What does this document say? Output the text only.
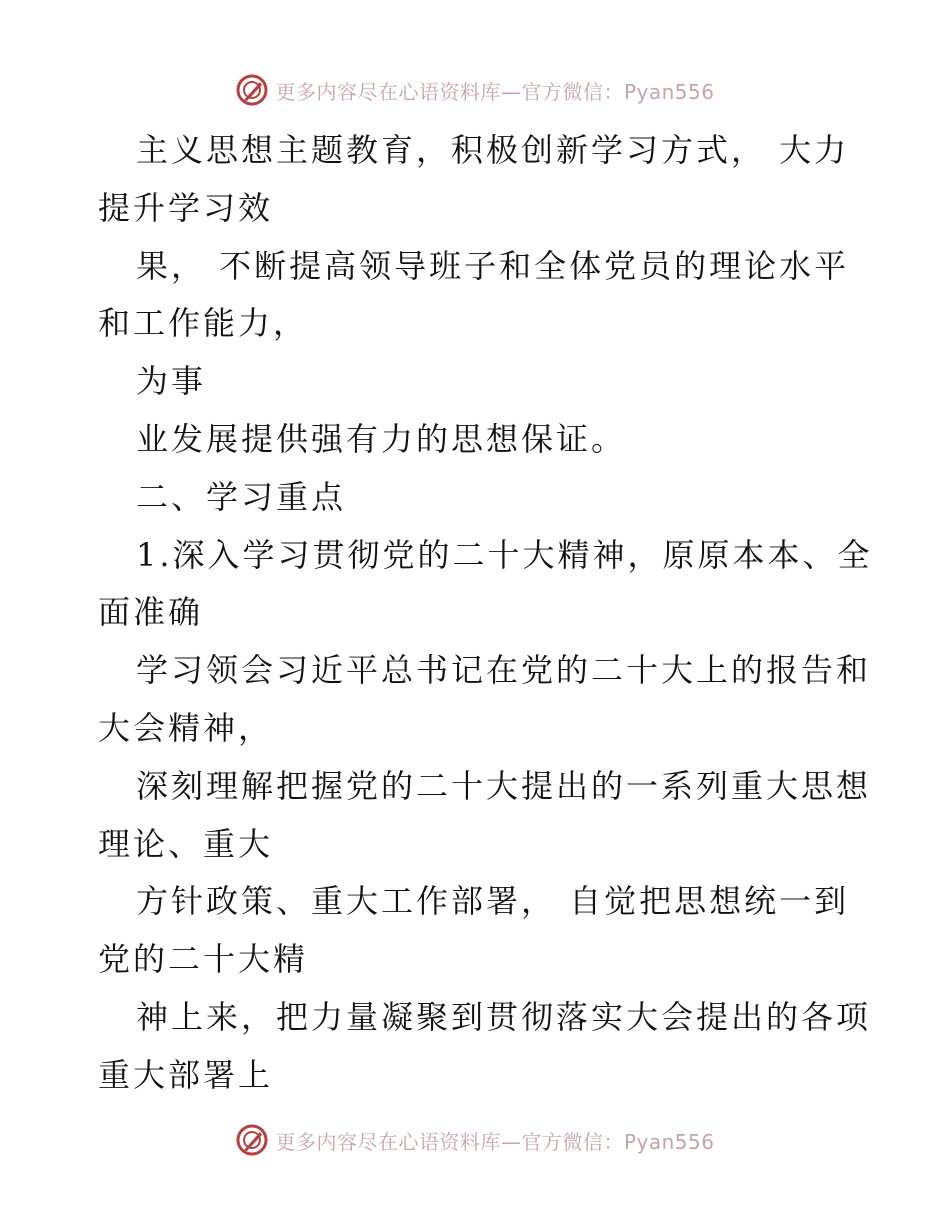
更多内容尽在心语资料库—官方微信：Pyan556
主义思想主题教育，积极创新学习方式， 大力
提升学习效
果， 不断提高领导班子和全体党员的理论水平
和工作能力，
为事
业发展提供强有力的思想保证。
二、学习重点
1.深入学习贯彻党的二十大精神，原原本本、全
面准确
学习领会习近平总书记在党的二十大上的报告和
大会精神，
深刻理解把握党的二十大提出的一系列重大思想
理论、重大
方针政策、重大工作部署， 自觉把思想统一到
党的二十大精
神上来，把力量凝聚到贯彻落实大会提出的各项
重大部署上
更多内容尽在心语资料库—官方微信：Pyan556
